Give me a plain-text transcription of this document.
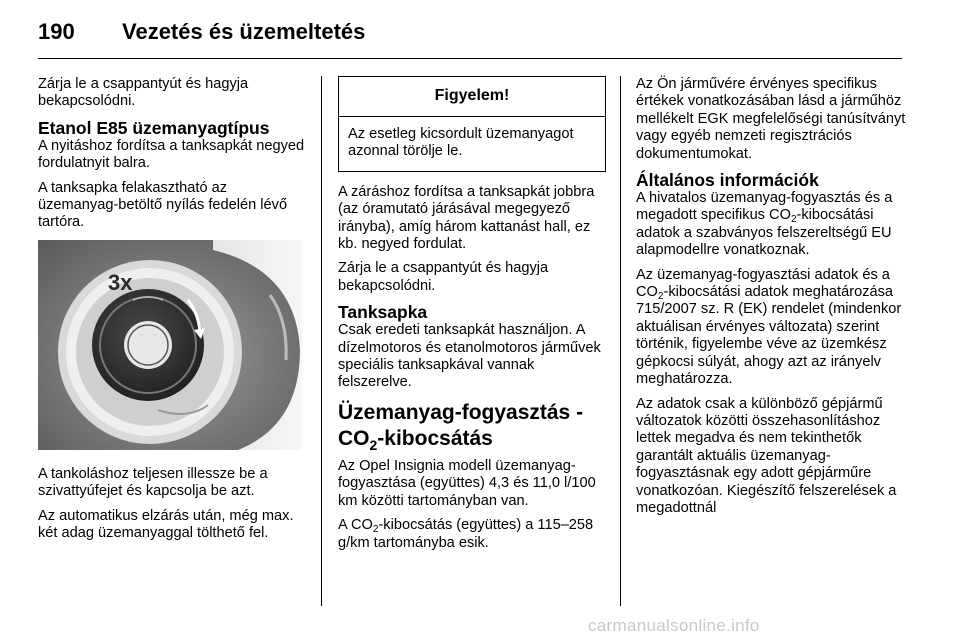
190	Vezetés és üzemeltetés

Zárja le a csappantyút és hagyja bekapcsolódni.

Etanol E85 üzemanyagtípus

A nyitáshoz fordítsa a tanksapkát negyed fordulatnyit balra.

A tanksapka felakasztható az üzemanyag-betöltő nyílás fedelén lévő tartóra.

3x

A tankoláshoz teljesen illessze be a szivattyúfejet és kapcsolja be azt.

Az automatikus elzárás után, még max. két adag üzemanyaggal tölthető fel.

Figyelem!
Az esetleg kicsordult üzemanyagot azonnal törölje le.

A záráshoz fordítsa a tanksapkát jobbra (az óramutató járásával megegyező irányba), amíg három kattanást hall, ez kb. negyed fordulat.

Zárja le a csappantyút és hagyja bekapcsolódni.

Tanksapka

Csak eredeti tanksapkát használjon. A dízelmotoros és etanolmotoros járművek speciális tanksapkával vannak felszerelve.

Üzemanyag-fogyasztás -
$CO_2$-kibocsátás

Az Opel Insignia modell üzemanyag-fogyasztása (együttes) 4,3 és 11,0 l/100 km közötti tartományban van.

A $CO_2$-kibocsátás (együttes) a 115–258 g/km tartományba esik.

Az Ön járművére érvényes specifikus értékek vonatkozásában lásd a járműhöz mellékelt EGK megfelelőségi tanúsítványt vagy egyéb nemzeti regisztrációs dokumentumokat.

Általános információk

A hivatalos üzemanyag-fogyasztás és a megadott specifikus $CO_2$-kibocsátási adatok a szabványos felszereltségű EU alapmodellre vonatkoznak.

Az üzemanyag-fogyasztási adatok és a $CO_2$-kibocsátási adatok meghatározása 715/2007 sz. R (EK) rendelet (mindenkor aktuálisan érvényes változata) szerint történik, figyelembe véve az üzemkész gépkocsi súlyát, ahogy azt az irányelv meghatározza.

Az adatok csak a különböző gépjármű változatok közötti összehasonlításhoz lettek megadva és nem tekinthetők garantált aktuális üzemanyag-fogyasztásnak egy adott gépjárműre vonatkozóan. Kiegészítő felszerelések a megadottnál

carmanualsonline.info
